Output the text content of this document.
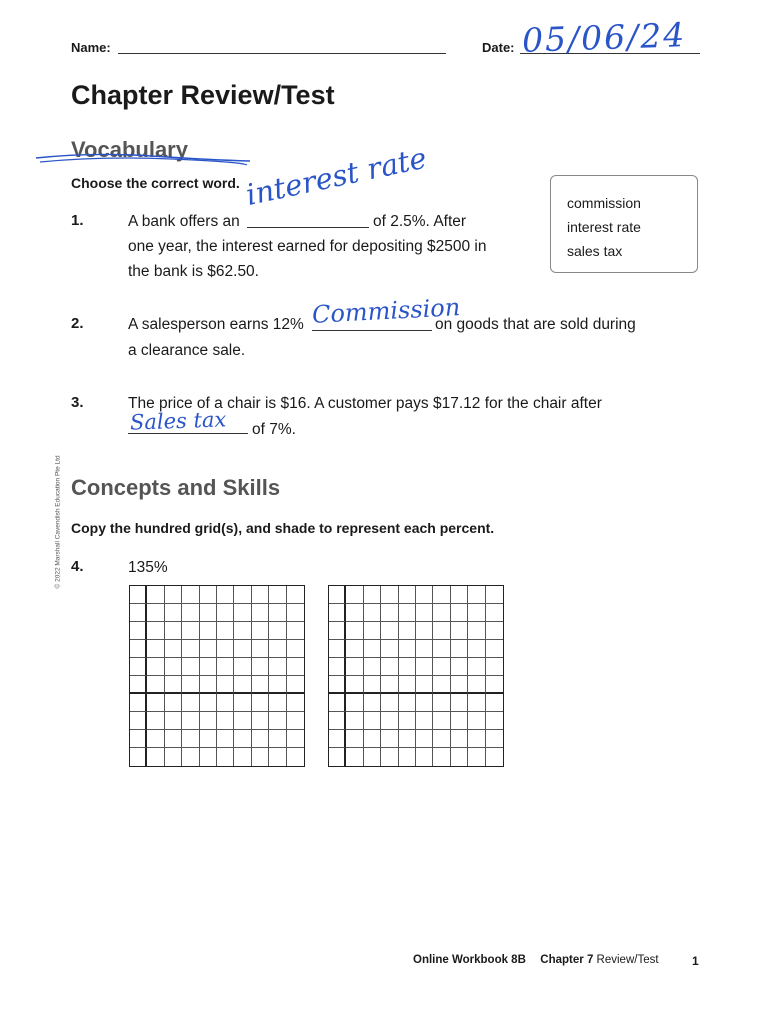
Name:	Date: 05/06/24
Chapter Review/Test
© 2022 Marshall Cavendish Education Pte Ltd
Vocabulary
Choose the correct word.
commission
interest rate
sales tax
1.	A bank offers an
interest rate
of 2.5%. After
one year, the interest earned for depositing $2500 in
the bank is $62.50.
2.	A salesperson earns 12% Commission
on goods that are sold during
a clearance sale.
3.	The price of a chair is $16. A customer pays $17.12 for the chair after
Sales tax of 7%.
Concepts and Skills
Copy the hundred grid(s), and shade to represent each percent.
4.	135%
Online Workbook 8B Chapter 7 Review/Test	1
